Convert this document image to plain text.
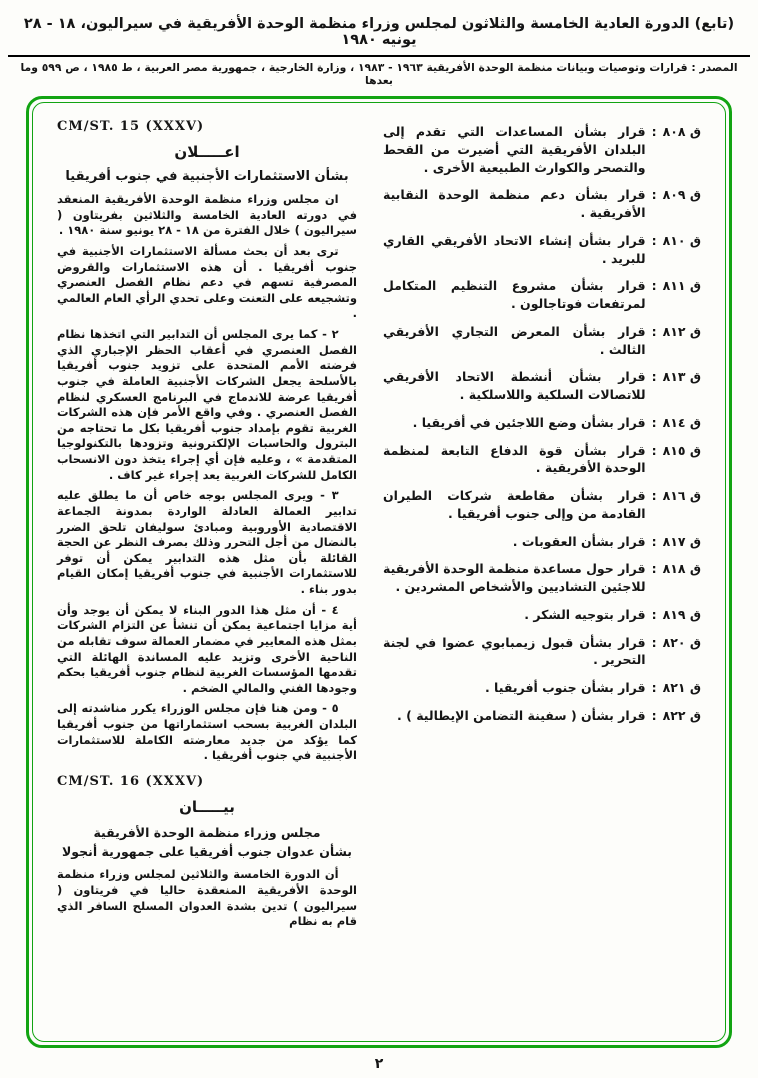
(تابع) الدورة العادية الخامسة والثلاثون لمجلس وزراء منظمة الوحدة الأفريقية في سيراليون، ١٨ - ٢٨ يونيه ١٩٨٠
المصدر : قرارات وتوصيات وبيانات منظمة الوحدة الأفريقية ١٩٦٣ - ١٩٨٣ ، وزارة الخارجية ، جمهورية مصر العربية ، ط ١٩٨٥ ، ص ٥٩٩ وما بعدها
ق ٨٠٨
:
قرار بشأن المساعدات التي تقدم إلى البلدان الأفريقية التي أضيرت من القحط والتصحر والكوارث الطبيعية الأخرى .
ق ٨٠٩
:
قرار بشأن دعم منظمة الوحدة النقابية الأفريقية .
ق ٨١٠
:
قرار بشأن إنشاء الاتحاد الأفريقي القاري للبريد .
ق ٨١١
:
قرار بشأن مشروع التنظيم المتكامل لمرتفعات فوتاجالون .
ق ٨١٢
:
قرار بشأن المعرض التجاري الأفريقي الثالث .
ق ٨١٣
:
قرار بشأن أنشطة الاتحاد الأفريقي للاتصالات السلكية واللاسلكية .
ق ٨١٤
:
قرار بشأن وضع اللاجئين في أفريقيا .
ق ٨١٥
:
قرار بشأن قوة الدفاع التابعة لمنظمة الوحدة الأفريقية .
ق ٨١٦
:
قرار بشأن مقاطعة شركات الطيران القادمة من وإلى جنوب أفريقيا .
ق ٨١٧
:
قرار بشأن العقوبات .
ق ٨١٨
:
قرار حول مساعدة منظمة الوحدة الأفريقية للاجئين التشاديين والأشخاص المشردين .
ق ٨١٩
:
قرار بتوجيه الشكر .
ق ٨٢٠
:
قرار بشأن قبول زيمبابوي عضوا في لجنة التحرير .
ق ٨٢١
:
قرار بشأن جنوب أفريقيا .
ق ٨٢٢
:
قرار بشأن ( سفينة التضامن الإيطالية ) .
CM/ST. 15 (XXXV)
اعـــــلان
بشأن الاستثمارات الأجنبية في جنوب أفريقيا

ان مجلس وزراء منظمة الوحدة الأفريقية المنعقد في دورته العادية الخامسة والثلاثين بفريتاون ( سيراليون ) خلال الفترة من ١٨ - ٢٨ يونيو سنة ١٩٨٠ .

ترى بعد أن بحث مسألة الاستثمارات الأجنبية في جنوب أفريقيا . أن هذه الاستثمارات والقروض المصرفية تسهم في دعم نظام الفصل العنصري وتشجيعه على التعنت وعلى تحدي الرأي العام العالمي .

٢ - كما يرى المجلس أن التدابير التي اتخذها نظام الفصل العنصري في أعقاب الحظر الإجباري الذي فرضته الأمم المتحدة على تزويد جنوب أفريقيا بالأسلحة يجعل الشركات الأجنبية العاملة في جنوب أفريقيا عرضة للاندماج في البرنامج العسكري لنظام الفصل العنصري . وفي واقع الأمر فإن هذه الشركات الغربية تقوم بإمداد جنوب أفريقيا بكل ما تحتاجه من البترول والحاسبات الإلكترونية وتزودها بالتكنولوجيا المتقدمة » ، وعليه فإن أي إجراء يتخذ دون الانسحاب الكامل للشركات الغربية يعد إجراء غير كاف .

٣ - ويرى المجلس بوجه خاص أن ما يطلق عليه تدابير العمالة العادلة الواردة بمدونة الجماعة الاقتصادية الأوروبية ومبادئ سوليفان تلحق الضرر بالنضال من أجل التحرر وذلك بصرف النظر عن الحجة القائلة بأن مثل هذه التدابير يمكن أن توفر للاستثمارات الأجنبية في جنوب أفريقيا إمكان القيام بدور بناء .

٤ - أن مثل هذا الدور البناء لا يمكن أن يوجد وأن أية مزايا اجتماعية يمكن أن تنشأ عن التزام الشركات بمثل هذه المعايير في مضمار العمالة سوف تقابله من الناحية الأخرى وتزيد عليه المساندة الهائلة التي تقدمها المؤسسات الغربية لنظام جنوب أفريقيا بحكم وجودها الفني والمالي الضخم .

٥ - ومن هنا فإن مجلس الوزراء يكرر مناشدته إلى البلدان الغربية بسحب استثماراتها من جنوب أفريقيا كما يؤكد من جديد معارضته الكاملة للاستثمارات الأجنبية في جنوب أفريقيا .

CM/ST. 16 (XXXV)
بيـــــان
مجلس وزراء منظمة الوحدة الأفريقية
بشأن عدوان جنوب أفريقيا على جمهورية أنجولا

أن الدورة الخامسة والثلاثين لمجلس وزراء منظمة الوحدة الأفريقية المنعقدة حاليا في فريتاون ( سيراليون ) تدين بشدة العدوان المسلح السافر الذي قام به نظام

٢
